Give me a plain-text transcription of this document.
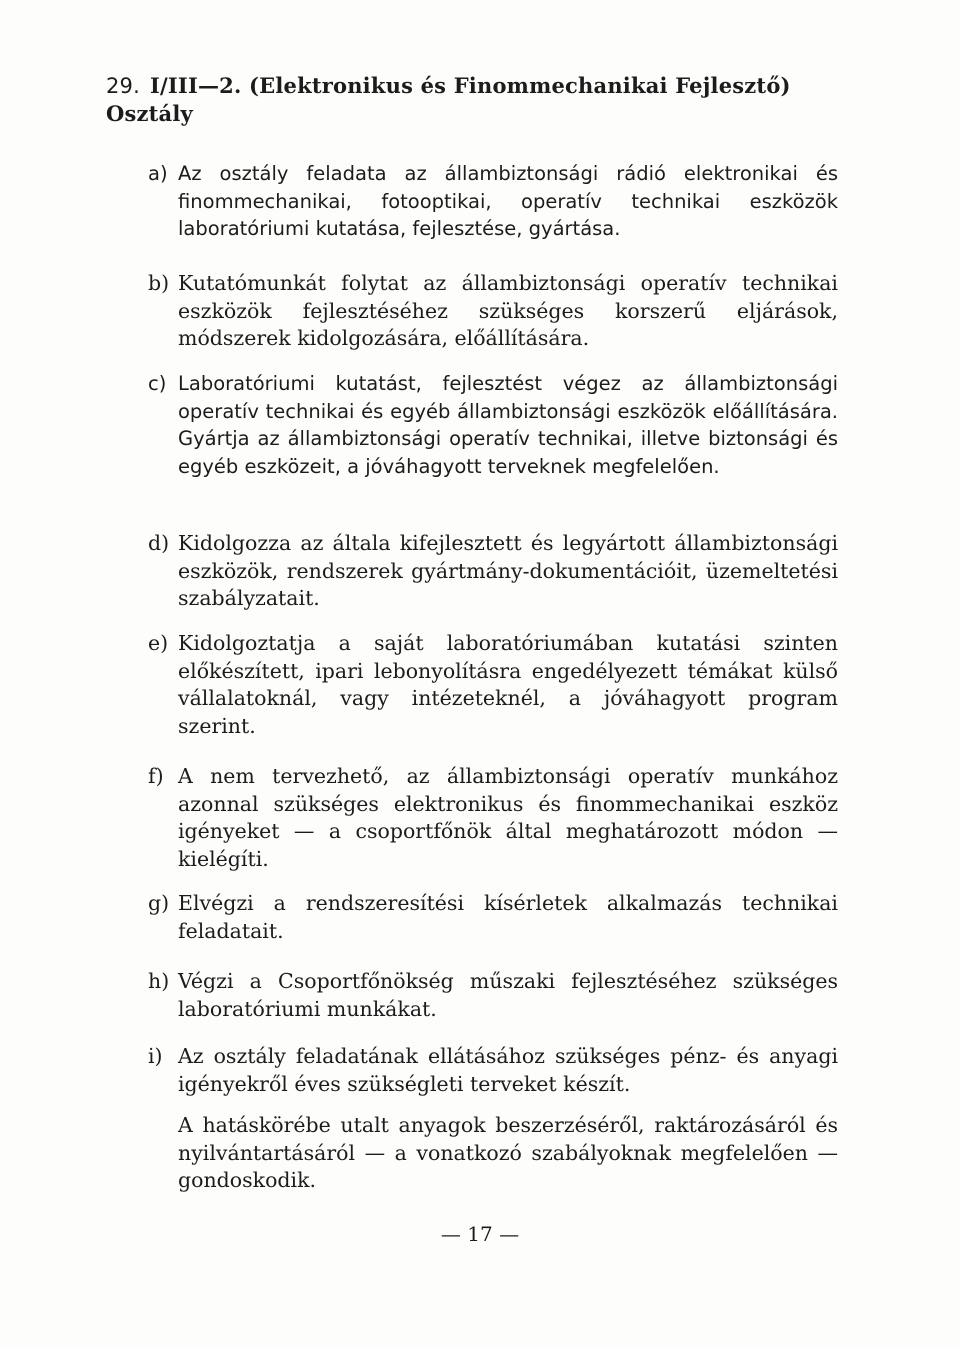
29. I/III—2. (Elektronikus és Finommechanikai Fejlesztő) Osztály
a) Az osztály feladata az állambiztonsági rádió elektronikai és finommechanikai, fotooptikai, operatív technikai eszközök laboratóriumi kutatása, fejlesztése, gyártása.
b) Kutatómunkát folytat az állambiztonsági operatív technikai eszközök fejlesztéséhez szükséges korszerű eljárások, módszerek kidolgozására, előállítására.
c) Laboratóriumi kutatást, fejlesztést végez az állambiztonsági operatív technikai és egyéb állambiztonsági eszközök előállítására. Gyártja az állambiztonsági operatív technikai, illetve biztonsági és egyéb eszközeit, a jóváhagyott terveknek megfelelően.
d) Kidolgozza az általa kifejlesztett és legyártott állambiztonsági eszközök, rendszerek gyártmány-dokumentációit, üzemeltetési szabályzatait.
e) Kidolgoztatja a saját laboratóriumában kutatási szinten előkészített, ipari lebonyolításra engedélyezett témákat külső vállalatoknál, vagy intézeteknél, a jóváhagyott program szerint.
f) A nem tervezhető, az állambiztonsági operatív munkához azonnal szükséges elektronikus és finommechanikai eszköz igényeket — a csoportfőnök által meghatározott módon — kielégíti.
g) Elvégzi a rendszeresítési kísérletek alkalmazás technikai feladatait.
h) Végzi a Csoportfőnökség műszaki fejlesztéséhez szükséges laboratóriumi munkákat.
i) Az osztály feladatának ellátásához szükséges pénz- és anyagi igényekről éves szükségleti terveket készít.
A hatáskörébe utalt anyagok beszerzéséről, raktározásáról és nyilvántartásáról — a vonatkozó szabályoknak megfelelően — gondoskodik.
— 17 —
